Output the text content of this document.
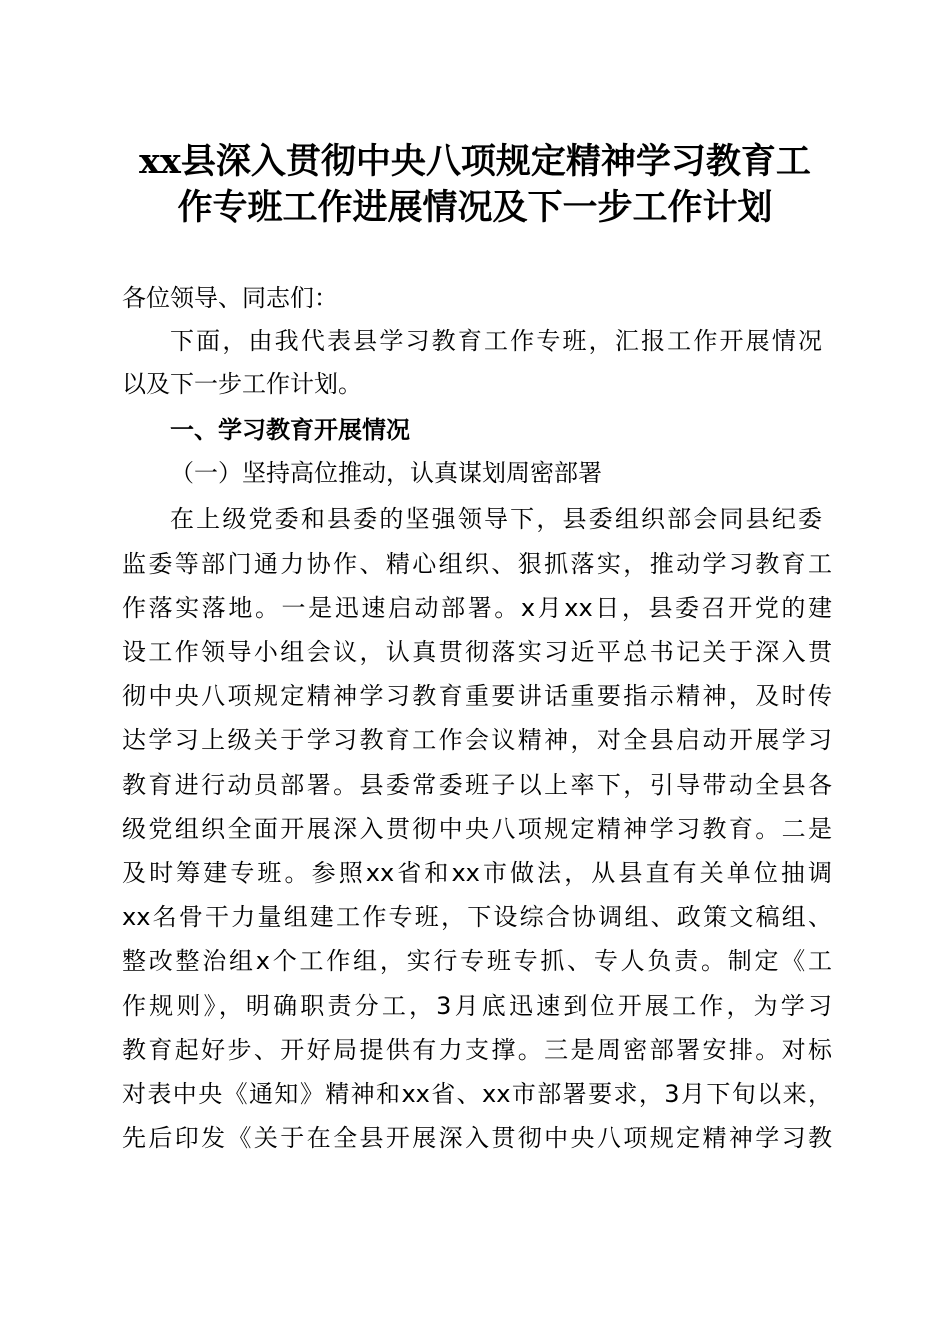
xx县深入贯彻中央八项规定精神学习教育工
作专班工作进展情况及下一步工作计划
各位领导、同志们：
下面，由我代表县学习教育工作专班，汇报工作开展情况
以及下一步工作计划。
一、学习教育开展情况
（一）坚持高位推动，认真谋划周密部署
在上级党委和县委的坚强领导下，县委组织部会同县纪委
监委等部门通力协作、精心组织、狠抓落实，推动学习教育工
作落实落地。一是迅速启动部署。x月xx日，县委召开党的建
设工作领导小组会议，认真贯彻落实习近平总书记关于深入贯
彻中央八项规定精神学习教育重要讲话重要指示精神，及时传
达学习上级关于学习教育工作会议精神，对全县启动开展学习
教育进行动员部署。县委常委班子以上率下，引导带动全县各
级党组织全面开展深入贯彻中央八项规定精神学习教育。二是
及时筹建专班。参照xx省和xx市做法，从县直有关单位抽调
xx名骨干力量组建工作专班，下设综合协调组、政策文稿组、
整改整治组x个工作组，实行专班专抓、专人负责。制定《工
作规则》，明确职责分工，3月底迅速到位开展工作，为学习
教育起好步、开好局提供有力支撑。三是周密部署安排。对标
对表中央《通知》精神和xx省、xx市部署要求，3月下旬以来，
先后印发《关于在全县开展深入贯彻中央八项规定精神学习教
